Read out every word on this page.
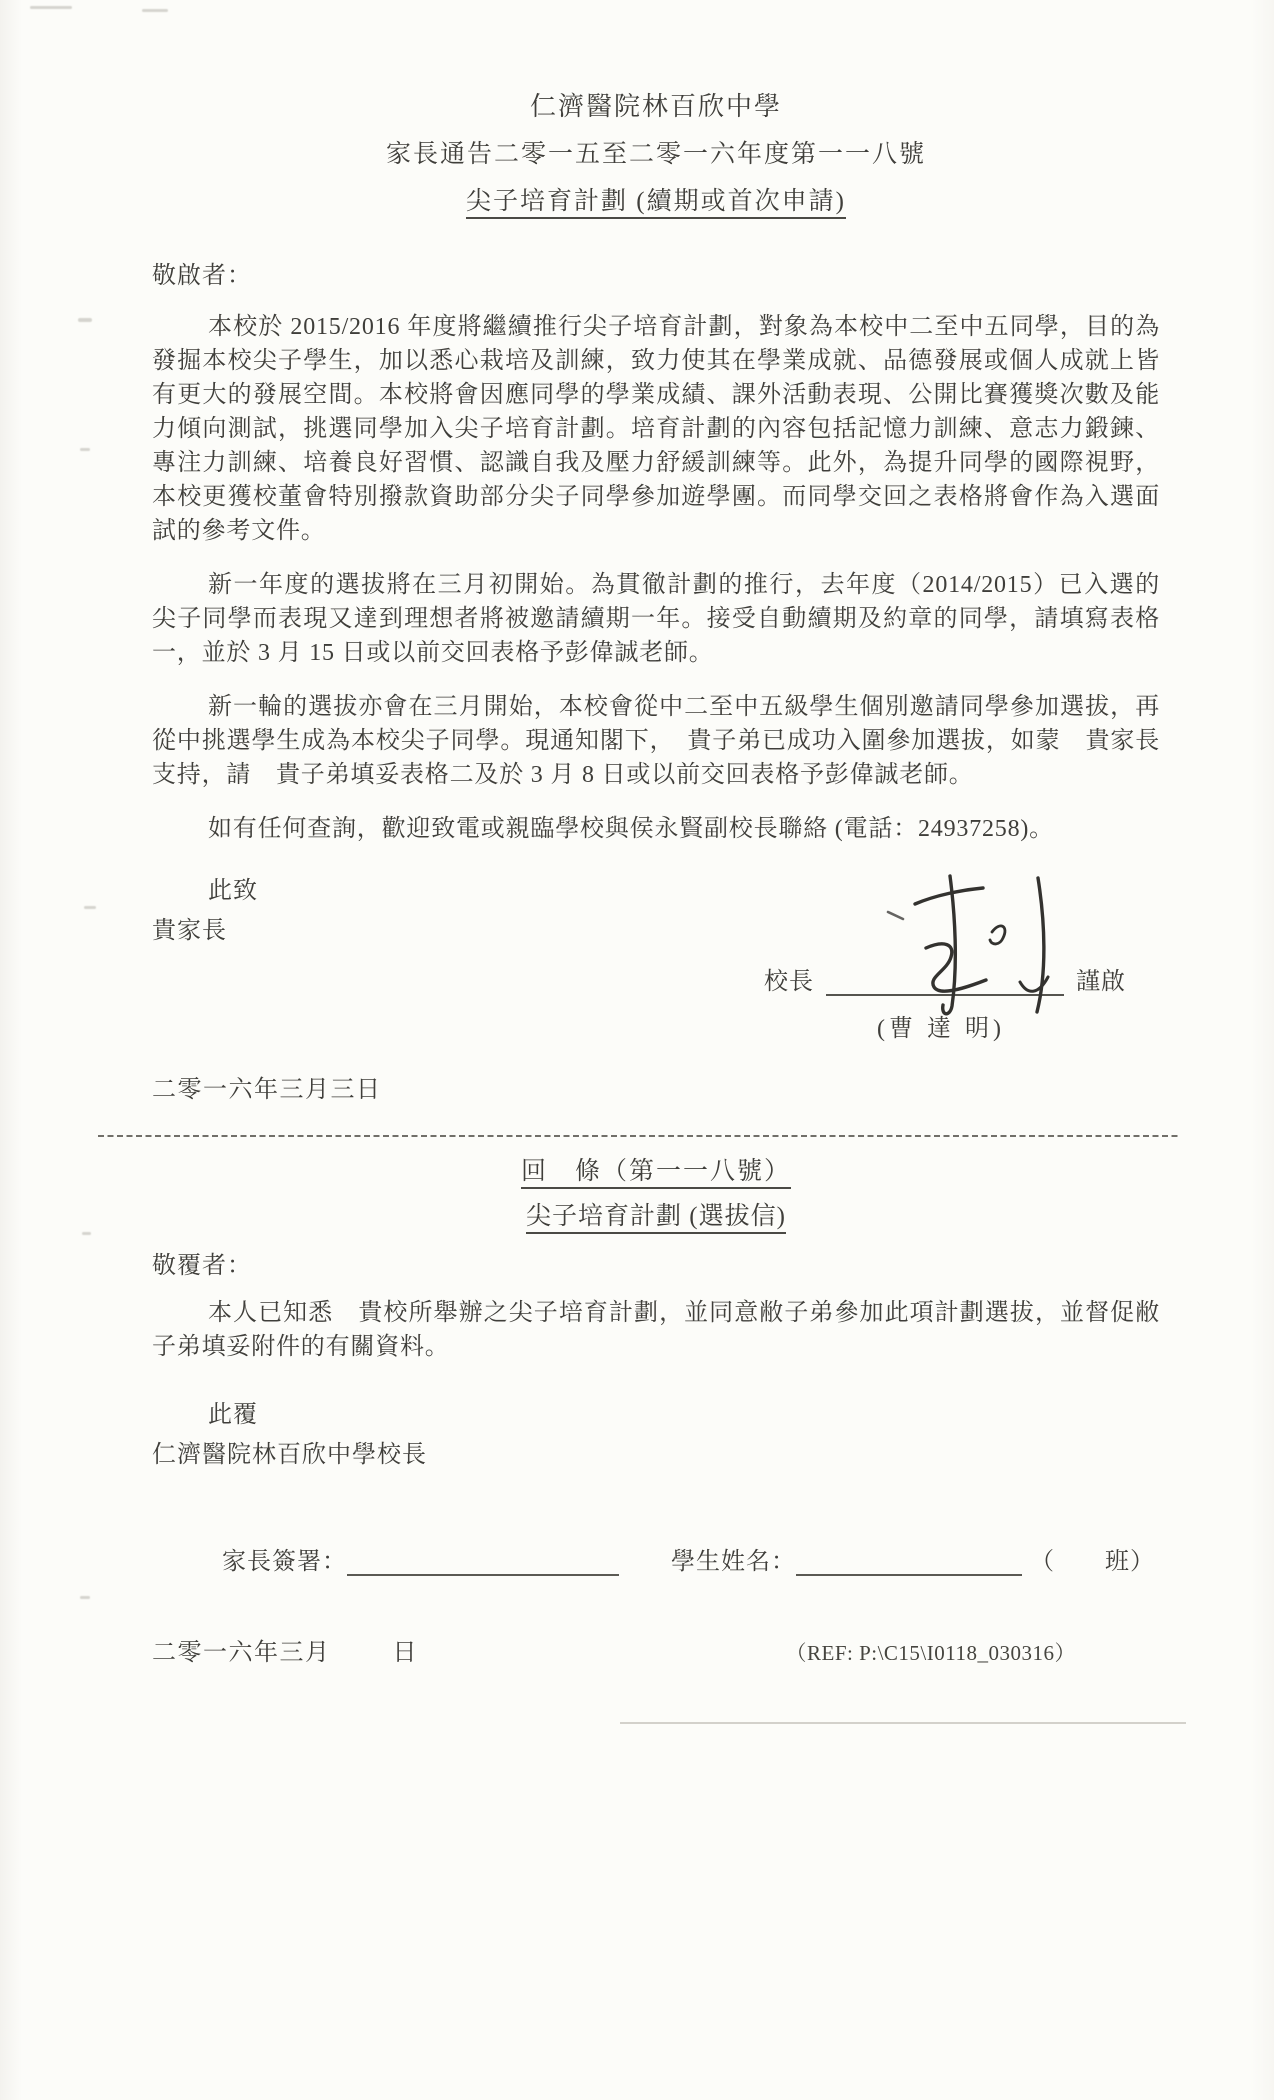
仁濟醫院林百欣中學
家長通告二零一五至二零一六年度第一一八號
尖子培育計劃 (續期或首次申請)
敬啟者：

本校於 2015/2016 年度將繼續推行尖子培育計劃，對象為本校中二至中五同學，目的為發掘本校尖子學生，加以悉心栽培及訓練，致力使其在學業成就、品德發展或個人成就上皆有更大的發展空間。本校將會因應同學的學業成績、課外活動表現、公開比賽獲獎次數及能力傾向測試，挑選同學加入尖子培育計劃。培育計劃的內容包括記憶力訓練、意志力鍛鍊、專注力訓練、培養良好習慣、認識自我及壓力舒緩訓練等。此外，為提升同學的國際視野，本校更獲校董會特別撥款資助部分尖子同學參加遊學團。而同學交回之表格將會作為入選面試的參考文件。

新一年度的選拔將在三月初開始。為貫徹計劃的推行，去年度（2014/2015）已入選的尖子同學而表現又達到理想者將被邀請續期一年。接受自動續期及約章的同學，請填寫表格一，並於 3 月 15 日或以前交回表格予彭偉誠老師。

新一輪的選拔亦會在三月開始，本校會從中二至中五級學生個別邀請同學參加選拔，再從中挑選學生成為本校尖子同學。現通知閣下，　貴子弟已成功入圍參加選拔，如蒙　貴家長支持，請　貴子弟填妥表格二及於 3 月 8 日或以前交回表格予彭偉誠老師。

如有任何查詢，歡迎致電或親臨學校與侯永賢副校長聯絡 (電話：24937258)。

此致
貴家長
校長	謹啟
(曹 達 明)
二零一六年三月三日
回　條（第一一八號）
尖子培育計劃 (選拔信)
敬覆者：

本人已知悉　貴校所舉辦之尖子培育計劃，並同意敝子弟參加此項計劃選拔，並督促敝子弟填妥附件的有關資料。

此覆
仁濟醫院林百欣中學校長
家長簽署：	學生姓名：	（　　班）
二零一六年三月	日	（REF: P:\C15\I0118_030316）
